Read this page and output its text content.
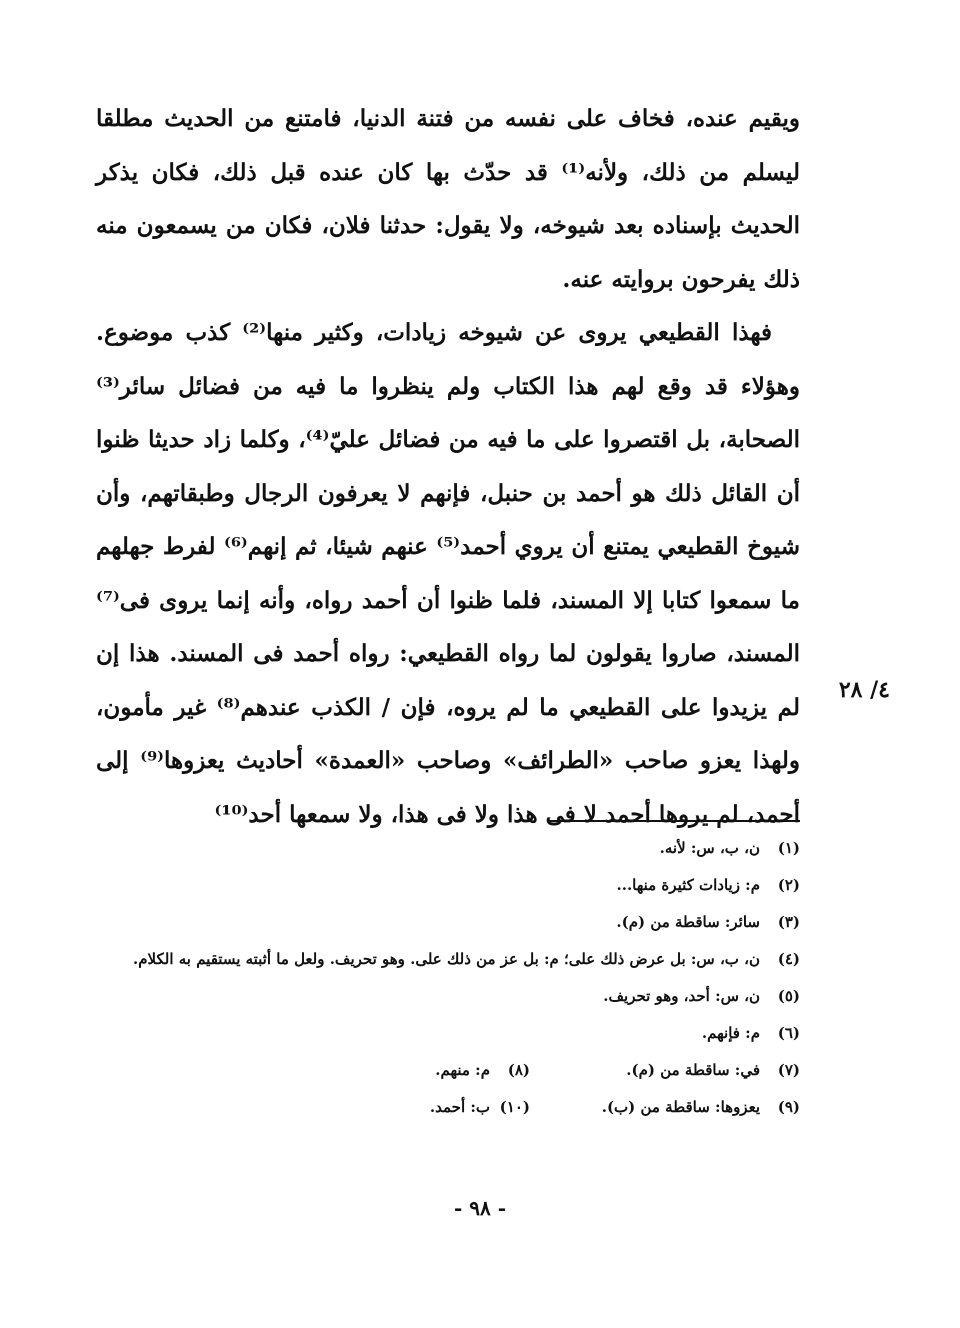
ويقيم عنده، فخاف على نفسه من فتنة الدنيا، فامتنع من الحديث مطلقا ليسلم من ذلك، ولأنه⁽¹⁾ قد حدّث بها كان عنده قبل ذلك، فكان يذكر الحديث بإسناده بعد شيوخه، ولا يقول: حدثنا فلان، فكان من يسمعون منه ذلك يفرحون بروايته عنه.

فهذا القطيعي يروى عن شيوخه زيادات، وكثير منها⁽²⁾ كذب موضوع. وهؤلاء قد وقع لهم هذا الكتاب ولم ينظروا ما فيه من فضائل سائر⁽³⁾ الصحابة، بل اقتصروا على ما فيه من فضائل عليّ⁽⁴⁾، وكلما زاد حديثا ظنوا أن القائل ذلك هو أحمد بن حنبل، فإنهم لا يعرفون الرجال وطبقاتهم، وأن شيوخ القطيعي يمتنع أن يروي أحمد⁽⁵⁾ عنهم شيئا، ثم إنهم⁽⁶⁾ لفرط جهلهم ما سمعوا كتابا إلا المسند، فلما ظنوا أن أحمد رواه، وأنه إنما يروى فى⁽⁷⁾ المسند، صاروا يقولون لما رواه القطيعي: رواه أحمد فى المسند. هذا إن لم يزيدوا على القطيعي ما لم يروه، فإن / الكذب عندهم⁽⁸⁾ غير مأمون، ولهذا يعزو صاحب «الطرائف» وصاحب «العمدة» أحاديث يعزوها⁽⁹⁾ إلى أحمد، لم يروها أحمد لا فى هذا ولا فى هذا، ولا سمعها أحد⁽¹⁰⁾

٤/ ٢٨
(١)
ن، ب، س: لأنه.
(٢)
م: زيادات كثيرة منها...
(٣)
سائر: ساقطة من (م).
(٤)
ن، ب، س: بل عرض ذلك على؛ م: بل عز من ذلك على. وهو تحريف. ولعل ما أثبته يستقيم به الكلام.
(٥)
ن، س: أحد، وهو تحريف.
(٦)
م: فإنهم.
(٧)
في: ساقطة من (م).
(٨)
م: منهم.
(٩)
يعزوها: ساقطة من (ب).
(١٠)
ب: أحمد.
- ٩٨ -
